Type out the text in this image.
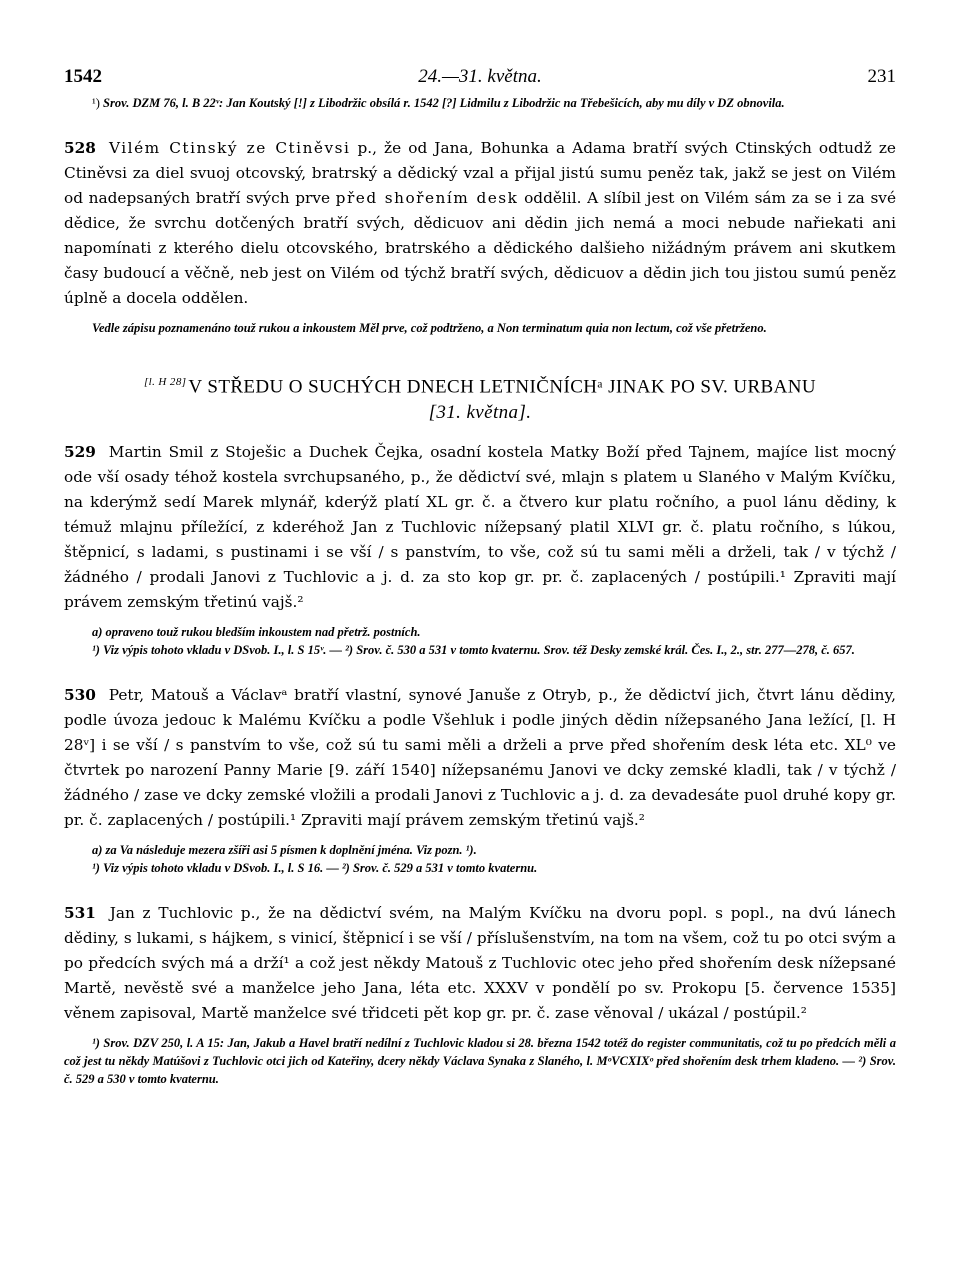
1542	24.—31. května.	231

¹) Srov. DZM 76, l. B 22ᵛ: Jan Koutský [!] z Libodržic obsílá r. 1542 [?] Lidmilu z Libodržic na Třebešicích, aby mu díly v DZ obnovila.

528 Vilém Ctinský ze Ctiněvsi p., že od Jana, Bohunka a Adama bratří svých Ctinských odtudž ze Ctiněvsi za diel svuoj otcovský, bratrský a dědický vzal a přijal jistú sumu peněz tak, jakž se jest on Vilém od nadepsaných bratří svých prve před shořením desk oddělil. A slíbil jest on Vilém sám za se i za své dědice, že svrchu dotčených bratří svých, dědicuov ani dědin jich nemá a moci nebude nařiekati ani napomínati z kterého dielu otcovského, bratrského a dědického dalšieho nižádným právem ani skutkem časy budoucí a věčně, neb jest on Vilém od týchž bratří svých, dědicuov a dědin jich tou jistou sumú peněz úplně a docela oddělen.

Vedle zápisu poznamenáno touž rukou a inkoustem Měl prve, což podtrženo, a Non terminatum quia non lectum, což vše přetrženo.

[l. H 28] V STŘEDU O SUCHÝCH DNECH LETNIČNÍCHᵃ JINAK PO SV. URBANU
[31. května].

529 Martin Smil z Stoješic a Duchek Čejka, osadní kostela Matky Boží před Tajnem, majíce list mocný ode vší osady téhož kostela svrchupsaného, p., že dědictví své, mlajn s platem u Slaného v Malým Kvíčku, na kderýmž sedí Marek mlynář, kderýž platí XL gr. č. a čtvero kur platu ročního, a puol lánu dědiny, k témuž mlajnu příležící, z kderéhož Jan z Tuchlovic nížepsaný platil XLVI gr. č. platu ročního, s lúkou, štěpnicí, s ladami, s pustinami i se vší / s panstvím, to vše, což sú tu sami měli a drželi, tak / v týchž / žádného / prodali Janovi z Tuchlovic a j. d. za sto kop gr. pr. č. zaplacených / postúpili.¹ Zpraviti mají právem zemským třetinú vajš.²

a) opraveno touž rukou bledším inkoustem nad přetrž. postních.

¹) Viz výpis tohoto vkladu v DSvob. I., l. S 15ᵛ. — ²) Srov. č. 530 a 531 v tomto kvaternu. Srov. též Desky zemské král. Čes. I., 2., str. 277—278, č. 657.

530 Petr, Matouš a Václavᵃ bratří vlastní, synové Januše z Otryb, p., že dědictví jich, čtvrt lánu dědiny, podle úvoza jedouc k Malému Kvíčku a podle Všehluk i podle jiných dědin nížepsaného Jana ležící, [l. H 28ᵛ] i se vší / s panstvím to vše, což sú tu sami měli a drželi a prve před shořením desk léta etc. XL⁰ ve čtvrtek po narození Panny Marie [9. září 1540] nížepsanému Janovi ve dcky zemské kladli, tak / v týchž / žádného / zase ve dcky zemské vložili a prodali Janovi z Tuchlovic a j. d. za devadesáte puol druhé kopy gr. pr. č. zaplacených / postúpili.¹ Zpraviti mají právem zemským třetinú vajš.²

a) za Va následuje mezera zšíři asi 5 písmen k doplnění jména. Viz pozn. ¹).

¹) Viz výpis tohoto vkladu v DSvob. I., l. S 16. — ²) Srov. č. 529 a 531 v tomto kvaternu.

531 Jan z Tuchlovic p., že na dědictví svém, na Malým Kvíčku na dvoru popl. s popl., na dvú lánech dědiny, s lukami, s hájkem, s vinicí, štěpnicí i se vší / příslušenstvím, na tom na všem, což tu po otci svým a po předcích svých má a drží¹ a což jest někdy Matouš z Tuchlovic otec jeho před shořením desk nížepsané Martě, nevěstě své a manželce jeho Jana, léta etc. XXXV v pondělí po sv. Prokopu [5. července 1535] věnem zapisoval, Martě manželce své třidceti pět kop gr. pr. č. zase věnoval / ukázal / postúpil.²

¹) Srov. DZV 250, l. A 15: Jan, Jakub a Havel bratří nedílní z Tuchlovic kladou si 28. března 1542 totéž do register communitatis, což tu po předcích měli a což jest tu někdy Matúšovi z Tuchlovic otci jich od Kateřiny, dcery někdy Václava Synaka z Slaného, l. MᵒVCXIXᵒ před shořením desk trhem kladeno. — ²) Srov. č. 529 a 530 v tomto kvaternu.
